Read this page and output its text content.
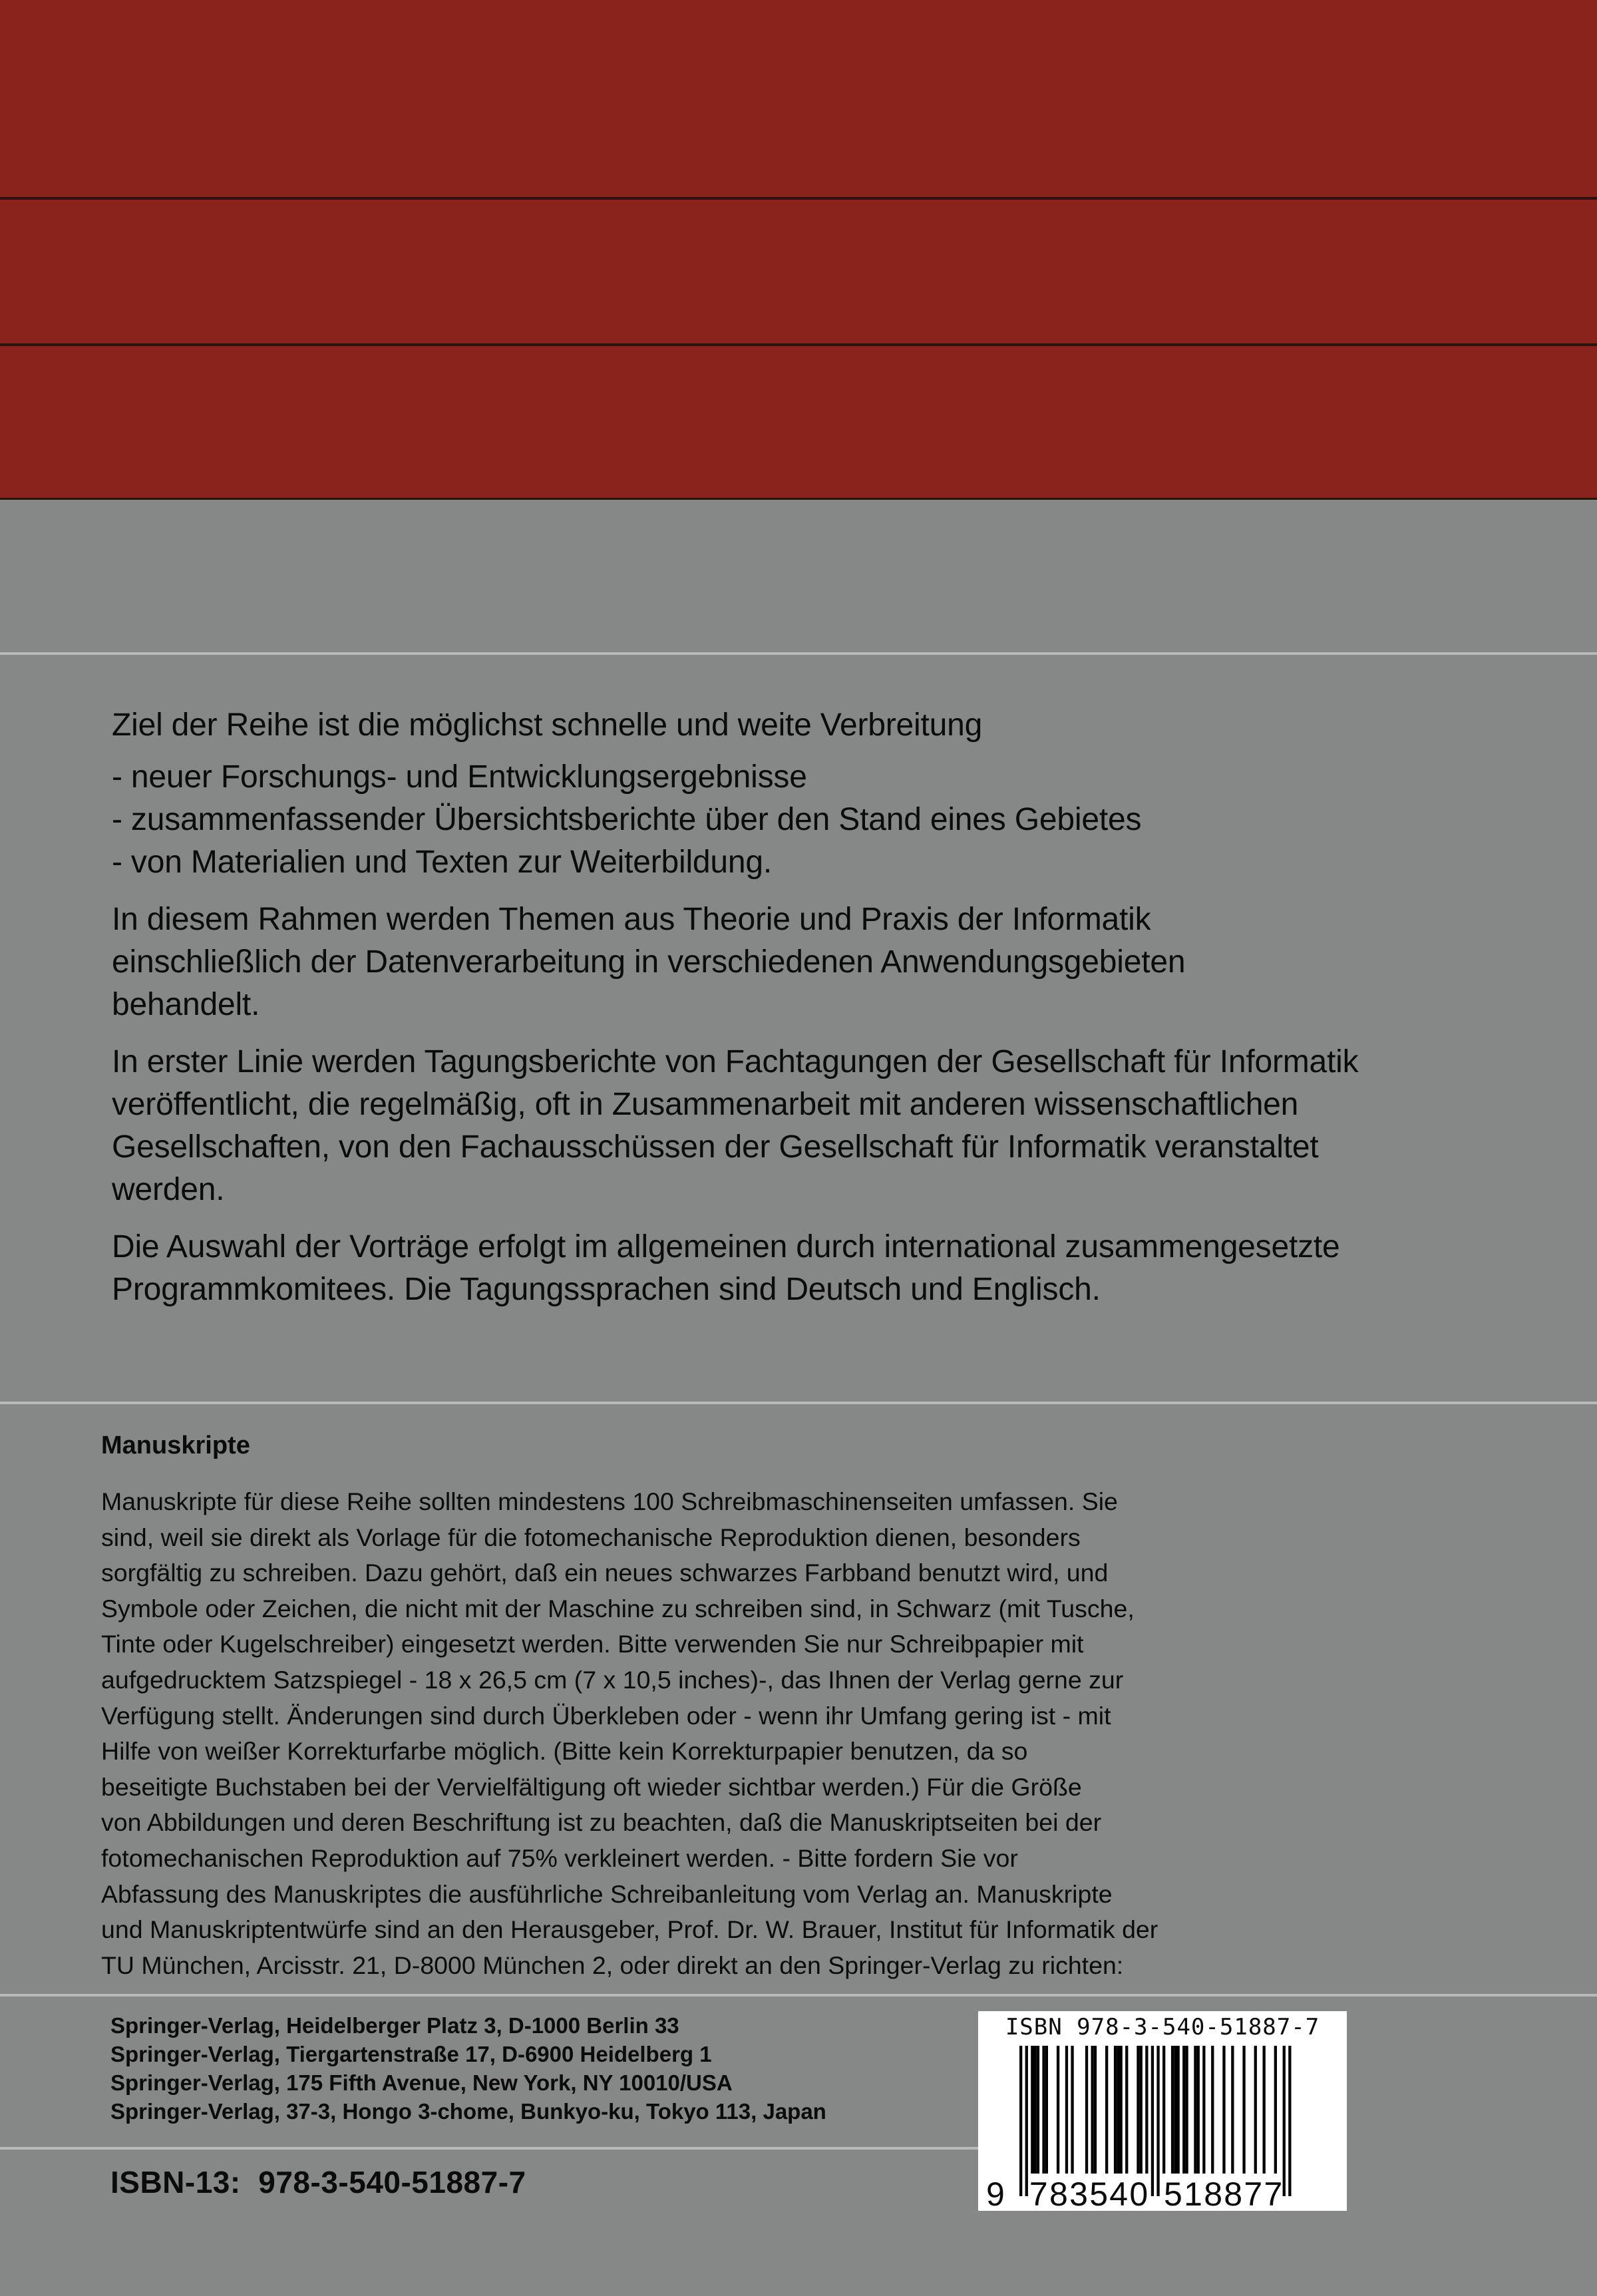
Ziel der Reihe ist die möglichst schnelle und weite Verbreitung

- neuer Forschungs- und Entwicklungsergebnisse
- zusammenfassender Übersichtsberichte über den Stand eines Gebietes
- von Materialien und Texten zur Weiterbildung.

In diesem Rahmen werden Themen aus Theorie und Praxis der Informatik einschließlich der Datenverarbeitung in verschiedenen Anwendungsgebieten behandelt.

In erster Linie werden Tagungsberichte von Fachtagungen der Gesellschaft für Informatik veröffentlicht, die regelmäßig, oft in Zusammenarbeit mit anderen wissenschaftlichen Gesellschaften, von den Fachausschüssen der Gesellschaft für Informatik veranstaltet werden.

Die Auswahl der Vorträge erfolgt im allgemeinen durch international zusammengesetzte Programmkomitees. Die Tagungssprachen sind Deutsch und Englisch.

Manuskripte
Manuskripte für diese Reihe sollten mindestens 100 Schreibmaschinenseiten umfassen. Sie
sind, weil sie direkt als Vorlage für die fotomechanische Reproduktion dienen, besonders
sorgfältig zu schreiben. Dazu gehört, daß ein neues schwarzes Farbband benutzt wird, und
Symbole oder Zeichen, die nicht mit der Maschine zu schreiben sind, in Schwarz (mit Tusche,
Tinte oder Kugelschreiber) eingesetzt werden. Bitte verwenden Sie nur Schreibpapier mit
aufgedrucktem Satzspiegel - 18 x 26,5 cm (7 x 10,5 inches)-, das Ihnen der Verlag gerne zur
Verfügung stellt. Änderungen sind durch Überkleben oder - wenn ihr Umfang gering ist - mit
Hilfe von weißer Korrekturfarbe möglich. (Bitte kein Korrekturpapier benutzen, da so
beseitigte Buchstaben bei der Vervielfältigung oft wieder sichtbar werden.) Für die Größe
von Abbildungen und deren Beschriftung ist zu beachten, daß die Manuskriptseiten bei der
fotomechanischen Reproduktion auf 75% verkleinert werden. - Bitte fordern Sie vor
Abfassung des Manuskriptes die ausführliche Schreibanleitung vom Verlag an. Manuskripte
und Manuskriptentwürfe sind an den Herausgeber, Prof. Dr. W. Brauer, Institut für Informatik der
TU München, Arcisstr. 21, D-8000 München 2, oder direkt an den Springer-Verlag zu richten:
Springer-Verlag, Heidelberger Platz 3, D-1000 Berlin 33
Springer-Verlag, Tiergartenstraße 17, D-6900 Heidelberg 1
Springer-Verlag, 175 Fifth Avenue, New York, NY 10010/USA
Springer-Verlag, 37-3, Hongo 3-chome, Bunkyo-ku, Tokyo 113, Japan
ISBN-13:  978-3-540-51887-7
ISBN 978-3-540-51887-7
9 7 8 3 5 4 0 5 1 8 8 7 7
